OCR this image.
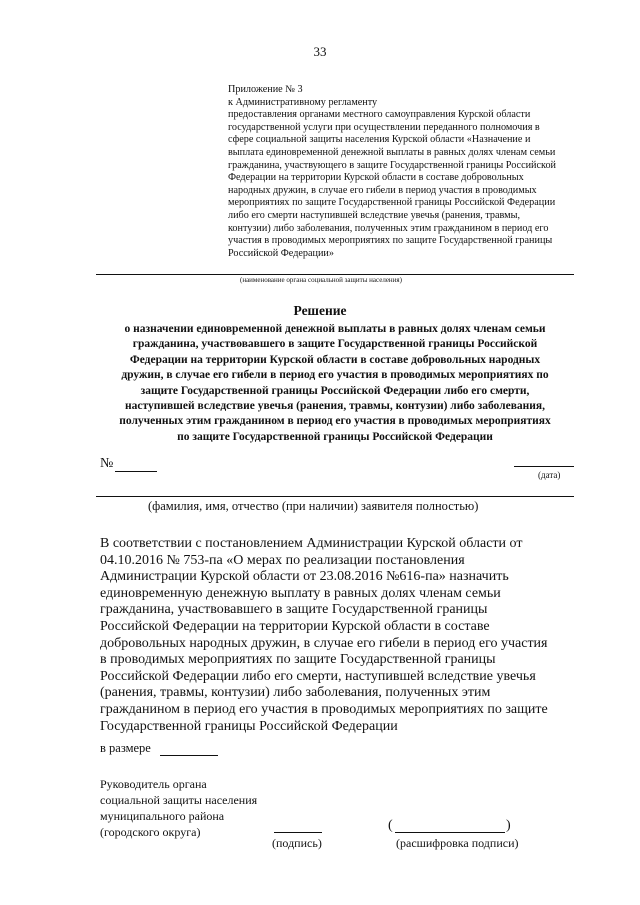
33
Приложение № 3
к Административному регламенту
предоставления органами местного самоуправления Курской области
государственной услуги при осуществлении переданного полномочия в
сфере социальной защиты населения Курской области «Назначение и
выплата единовременной денежной выплаты в равных долях членам семьи
гражданина, участвующего в защите Государственной границы Российской
Федерации на территории Курской области в составе добровольных
народных дружин, в случае его гибели в период участия в проводимых
мероприятиях по защите Государственной границы Российской Федерации
либо его смерти наступившей вследствие увечья (ранения, травмы,
контузии) либо заболевания, полученных этим гражданином в период его
участия в проводимых мероприятиях по защите Государственной границы
Российской Федерации»
(наименование органа социальной защиты населения)
Решение
о назначении единовременной денежной выплаты в равных долях членам семьи
гражданина, участвовавшего в защите Государственной границы Российской
Федерации на территории Курской области в составе добровольных народных
дружин, в случае его гибели в период его участия в проводимых мероприятиях по
защите Государственной границы Российской Федерации либо его смерти,
наступившей вследствие увечья (ранения, травмы, контузии) либо заболевания,
полученных этим гражданином в период его участия в проводимых мероприятиях
по защите Государственной границы Российской Федерации
№
(дата)
(фамилия, имя, отчество (при наличии) заявителя полностью)
В соответствии с постановлением Администрации Курской области от
04.10.2016 № 753-па «О мерах по реализации постановления
Администрации Курской области от 23.08.2016 №616-па» назначить
единовременную денежную выплату в равных долях членам семьи
гражданина, участвовавшего в защите Государственной границы
Российской Федерации на территории Курской области в составе
добровольных народных дружин, в случае его гибели в период его участия
в проводимых мероприятиях по защите Государственной границы
Российской Федерации либо его смерти, наступившей вследствие увечья
(ранения, травмы, контузии) либо заболевания, полученных этим
гражданином в период его участия в проводимых мероприятиях по защите
Государственной границы Российской Федерации
в размере
Руководитель органа
социальной защиты населения
муниципального района
(городского округа)
(подпись)
(	)
(расшифровка подписи)
